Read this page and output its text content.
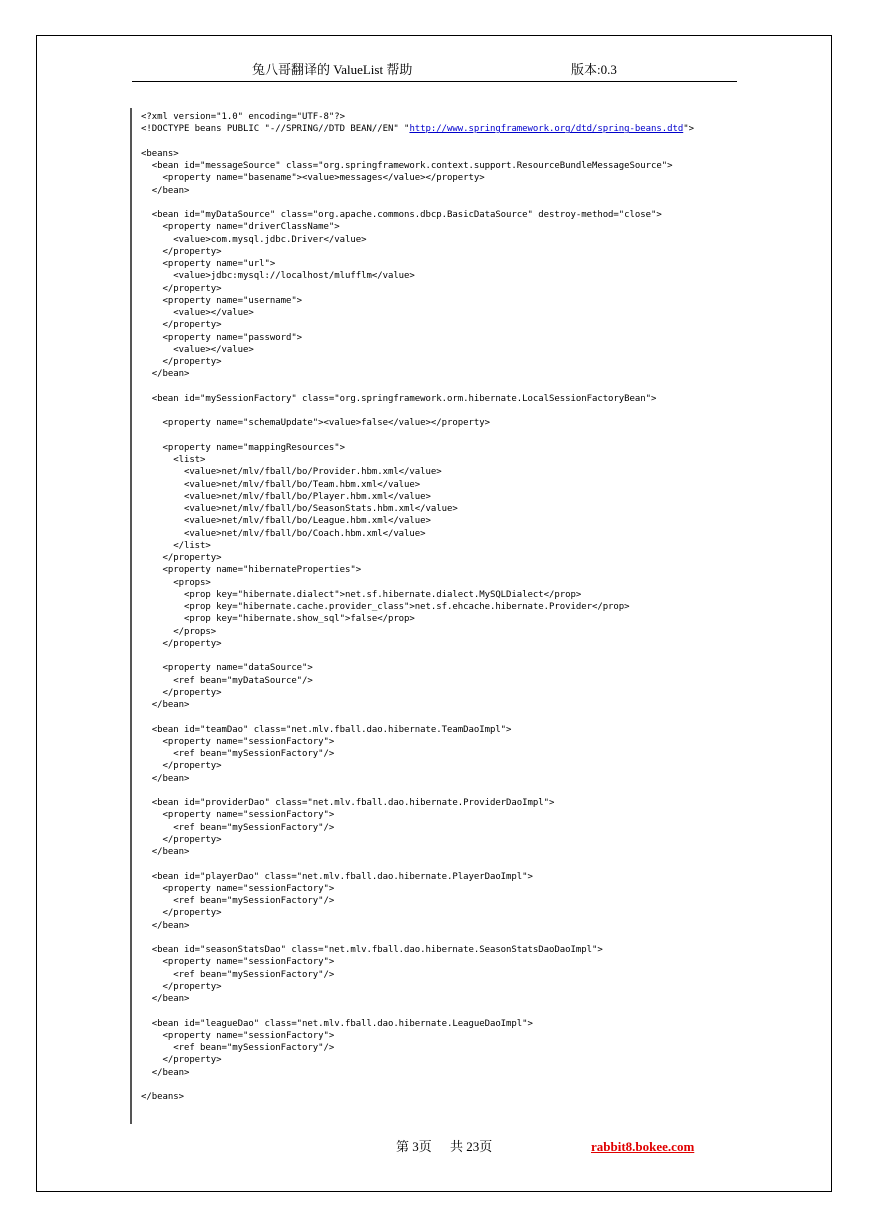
兔八哥翻译的 ValueList 帮助	版本:0.3
<?xml version="1.0" encoding="UTF-8"?>
<!DOCTYPE beans PUBLIC "-//SPRING//DTD BEAN//EN" "http://www.springframework.org/dtd/spring-beans.dtd">
<beans>
<bean id="messageSource" class="org.springframework.context.support.ResourceBundleMessageSource">
<property name="basename"><value>messages</value></property>
</bean>
<bean id="myDataSource" class="org.apache.commons.dbcp.BasicDataSource" destroy-method="close">
<property name="driverClassName">
<value>com.mysql.jdbc.Driver</value>
</property>
<property name="url">
<value>jdbc:mysql://localhost/mlufflm</value>
</property>
<property name="username">
<value></value>
</property>
<property name="password">
<value></value>
</property>
</bean>
<bean id="mySessionFactory" class="org.springframework.orm.hibernate.LocalSessionFactoryBean">
<property name="schemaUpdate"><value>false</value></property>
<property name="mappingResources">
<list>
<value>net/mlv/fball/bo/Provider.hbm.xml</value>
<value>net/mlv/fball/bo/Team.hbm.xml</value>
<value>net/mlv/fball/bo/Player.hbm.xml</value>
<value>net/mlv/fball/bo/SeasonStats.hbm.xml</value>
<value>net/mlv/fball/bo/League.hbm.xml</value>
<value>net/mlv/fball/bo/Coach.hbm.xml</value>
</list>
</property>
<property name="hibernateProperties">
<props>
<prop key="hibernate.dialect">net.sf.hibernate.dialect.MySQLDialect</prop>
<prop key="hibernate.cache.provider_class">net.sf.ehcache.hibernate.Provider</prop>
<prop key="hibernate.show_sql">false</prop>
</props>
</property>
<property name="dataSource">
<ref bean="myDataSource"/>
</property>
</bean>
<bean id="teamDao" class="net.mlv.fball.dao.hibernate.TeamDaoImpl">
<property name="sessionFactory">
<ref bean="mySessionFactory"/>
</property>
</bean>
<bean id="providerDao" class="net.mlv.fball.dao.hibernate.ProviderDaoImpl">
<property name="sessionFactory">
<ref bean="mySessionFactory"/>
</property>
</bean>
<bean id="playerDao" class="net.mlv.fball.dao.hibernate.PlayerDaoImpl">
<property name="sessionFactory">
<ref bean="mySessionFactory"/>
</property>
</bean>
<bean id="seasonStatsDao" class="net.mlv.fball.dao.hibernate.SeasonStatsDaoDaoImpl">
<property name="sessionFactory">
<ref bean="mySessionFactory"/>
</property>
</bean>
<bean id="leagueDao" class="net.mlv.fball.dao.hibernate.LeagueDaoImpl">
<property name="sessionFactory">
<ref bean="mySessionFactory"/>
</property>
</bean>
</beans>
第 3页 共 23页	rabbit8.bokee.com
